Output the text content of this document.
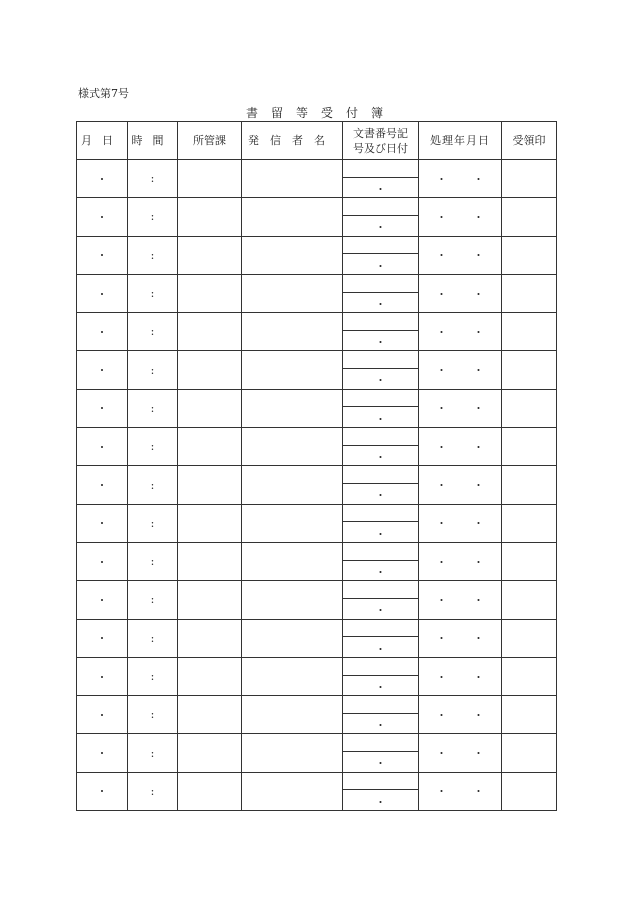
様式第7号
書留等受付簿
月日	時間	所管課	発信者名	文書番号記
号及び日付	処理年月日	受領印
・	:			・	・ ・	

・	:			・	・ ・	

・	:			・	・ ・	

・	:			・	・ ・	

・	:			・	・ ・	

・	:			・	・ ・	

・	:			・	・ ・	

・	:			・	・ ・	

・	:			・	・ ・	

・	:			・	・ ・	

・	:			・	・ ・	

・	:			・	・ ・	

・	:			・	・ ・	

・	:			・	・ ・	

・	:			・	・ ・	

・	:			・	・ ・	

・	:			・	・ ・	
